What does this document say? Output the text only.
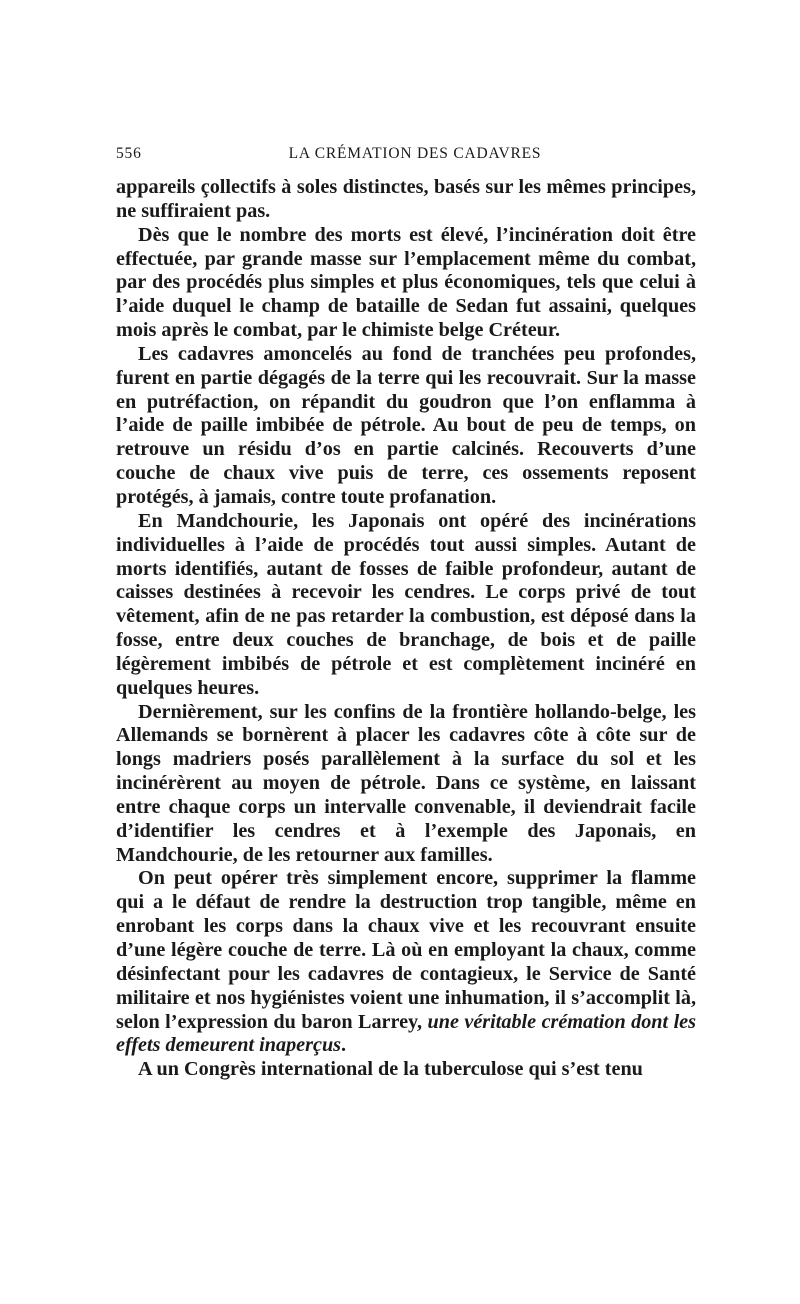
556	LA CRÉMATION DES CADAVRES

appareils çollectifs à soles distinctes, basés sur les mêmes principes, ne suffiraient pas.

Dès que le nombre des morts est élevé, l’incinération doit être effectuée, par grande masse sur l’emplacement même du combat, par des procédés plus simples et plus économiques, tels que celui à l’aide duquel le champ de bataille de Sedan fut assaini, quelques mois après le combat, par le chimiste belge Créteur.

Les cadavres amoncelés au fond de tranchées peu profondes, furent en partie dégagés de la terre qui les recouvrait. Sur la masse en putréfaction, on répandit du goudron que l’on enflamma à l’aide de paille imbibée de pétrole. Au bout de peu de temps, on retrouve un résidu d’os en partie calcinés. Recouverts d’une couche de chaux vive puis de terre, ces ossements reposent protégés, à jamais, contre toute profanation.

En Mandchourie, les Japonais ont opéré des incinérations individuelles à l’aide de procédés tout aussi simples. Autant de morts identifiés, autant de fosses de faible profondeur, autant de caisses destinées à recevoir les cendres. Le corps privé de tout vêtement, afin de ne pas retarder la combustion, est déposé dans la fosse, entre deux couches de branchage, de bois et de paille légèrement imbibés de pétrole et est complètement incinéré en quelques heures.

Dernièrement, sur les confins de la frontière hollando-belge, les Allemands se bornèrent à placer les cadavres côte à côte sur de longs madriers posés parallèlement à la surface du sol et les incinérèrent au moyen de pétrole. Dans ce système, en laissant entre chaque corps un intervalle convenable, il deviendrait facile d’identifier les cendres et à l’exemple des Japonais, en Mandchourie, de les retourner aux familles.

On peut opérer très simplement encore, supprimer la flamme qui a le défaut de rendre la destruction trop tangible, même en enrobant les corps dans la chaux vive et les recouvrant ensuite d’une légère couche de terre. Là où en employant la chaux, comme désinfectant pour les cadavres de contagieux, le Service de Santé militaire et nos hygiénistes voient une inhumation, il s’accomplit là, selon l’expression du baron Larrey, une véritable crémation dont les effets demeurent inaperçus.

A un Congrès international de la tuberculose qui s’est tenu
